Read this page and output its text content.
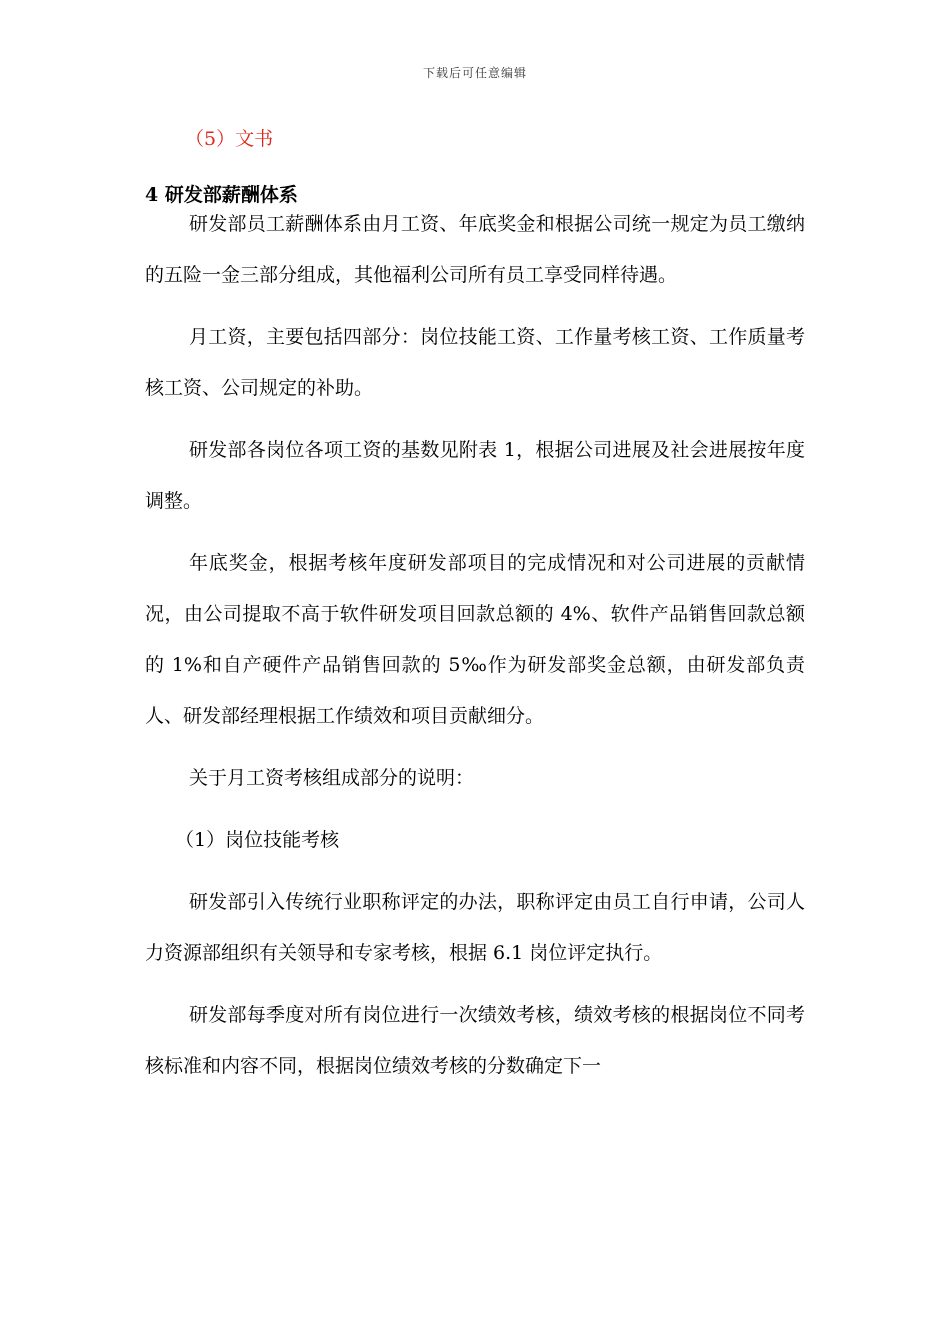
下载后可任意编辑
（5）文书
4 研发部薪酬体系

研发部员工薪酬体系由月工资、年底奖金和根据公司统一规定为员工缴纳的五险一金三部分组成，其他福利公司所有员工享受同样待遇。

月工资，主要包括四部分：岗位技能工资、工作量考核工资、工作质量考核工资、公司规定的补助。

研发部各岗位各项工资的基数见附表 1，根据公司进展及社会进展按年度调整。

年底奖金，根据考核年度研发部项目的完成情况和对公司进展的贡献情况，由公司提取不高于软件研发项目回款总额的 4%、软件产品销售回款总额的 1%和自产硬件产品销售回款的 5‰作为研发部奖金总额，由研发部负责人、研发部经理根据工作绩效和项目贡献细分。

关于月工资考核组成部分的说明：

（1）岗位技能考核

研发部引入传统行业职称评定的办法，职称评定由员工自行申请，公司人力资源部组织有关领导和专家考核，根据 6.1 岗位评定执行。

研发部每季度对所有岗位进行一次绩效考核，绩效考核的根据岗位不同考核标准和内容不同，根据岗位绩效考核的分数确定下一
